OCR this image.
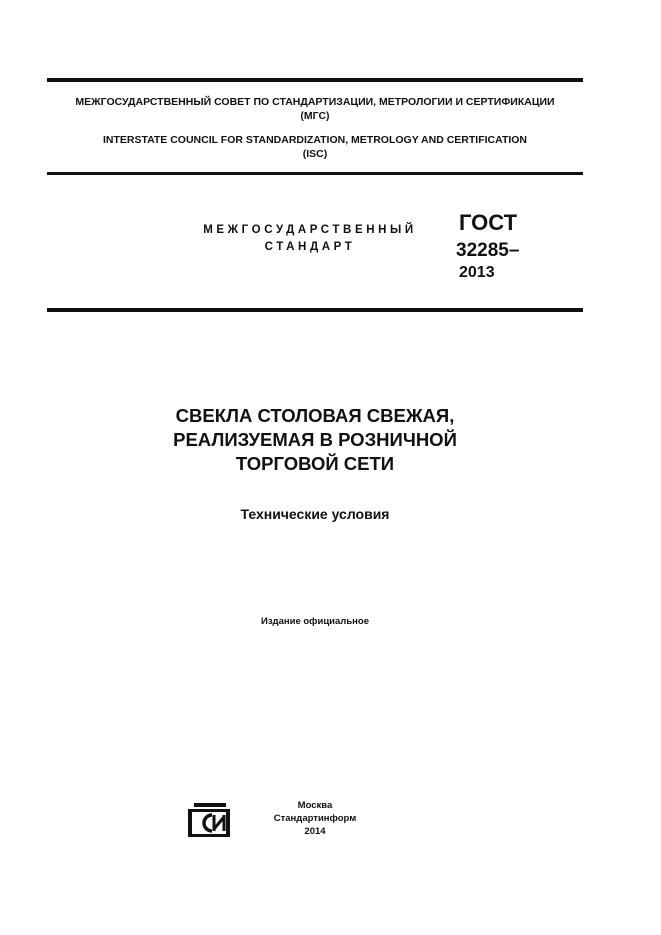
МЕЖГОСУДАРСТВЕННЫЙ СОВЕТ ПО СТАНДАРТИЗАЦИИ, МЕТРОЛОГИИ И СЕРТИФИКАЦИИ
(МГС)
INTERSTATE COUNCIL FOR STANDARDIZATION, METROLOGY AND CERTIFICATION
(ISC)
МЕЖГОСУДАРСТВЕННЫЙ
СТАНДАРТ
ГОСТ
32285–
2013
СВЕКЛА СТОЛОВАЯ СВЕЖАЯ,
РЕАЛИЗУЕМАЯ В РОЗНИЧНОЙ
ТОРГОВОЙ СЕТИ
Технические условия
Издание официальное
Москва
Стандартинформ
2014
